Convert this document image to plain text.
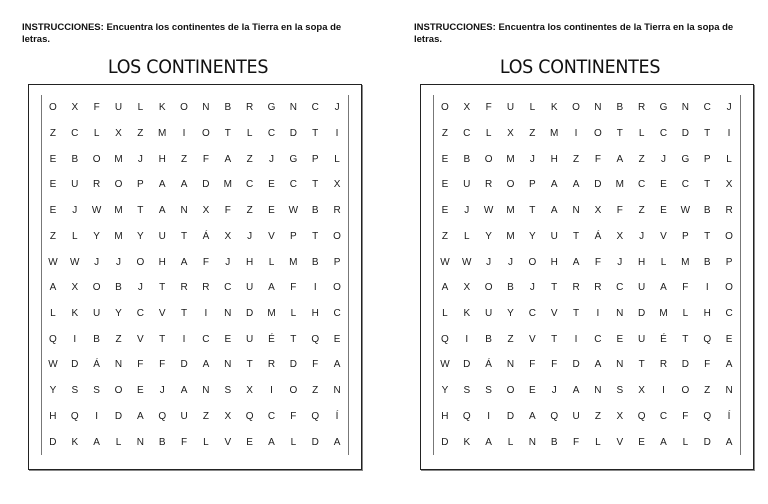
INSTRUCCIONES: Encuentra los continentes de la Tierra en la sopa de letras.
LOS CONTINENTES
O	X	F	U	L	K	O	N	B	R	G	N	C	J
Z	C	L	X	Z	M	I	O	T	L	C	D	T	I
E	B	O	M	J	H	Z	F	A	Z	J	G	P	L
E	U	R	O	P	A	A	D	M	C	E	C	T	X
E	J	W	M	T	A	N	X	F	Z	E	W	B	R
Z	L	Y	M	Y	U	T	Á	X	J	V	P	T	O
W	W	J	J	O	H	A	F	J	H	L	M	B	P
A	X	O	B	J	T	R	R	C	U	A	F	I	O
L	K	U	Y	C	V	T	I	N	D	M	L	H	C
Q	I	B	Z	V	T	I	C	E	U	É	T	Q	E
W	D	Á	N	F	F	D	A	N	T	R	D	F	A
Y	S	S	O	E	J	A	N	S	X	I	O	Z	N
H	Q	I	D	A	Q	U	Z	X	Q	C	F	Q	Í
D	K	A	L	N	B	F	L	V	E	A	L	D	A
INSTRUCCIONES: Encuentra los continentes de la Tierra en la sopa de letras.
LOS CONTINENTES
O	X	F	U	L	K	O	N	B	R	G	N	C	J
Z	C	L	X	Z	M	I	O	T	L	C	D	T	I
E	B	O	M	J	H	Z	F	A	Z	J	G	P	L
E	U	R	O	P	A	A	D	M	C	E	C	T	X
E	J	W	M	T	A	N	X	F	Z	E	W	B	R
Z	L	Y	M	Y	U	T	Á	X	J	V	P	T	O
W	W	J	J	O	H	A	F	J	H	L	M	B	P
A	X	O	B	J	T	R	R	C	U	A	F	I	O
L	K	U	Y	C	V	T	I	N	D	M	L	H	C
Q	I	B	Z	V	T	I	C	E	U	É	T	Q	E
W	D	Á	N	F	F	D	A	N	T	R	D	F	A
Y	S	S	O	E	J	A	N	S	X	I	O	Z	N
H	Q	I	D	A	Q	U	Z	X	Q	C	F	Q	Í
D	K	A	L	N	B	F	L	V	E	A	L	D	A
